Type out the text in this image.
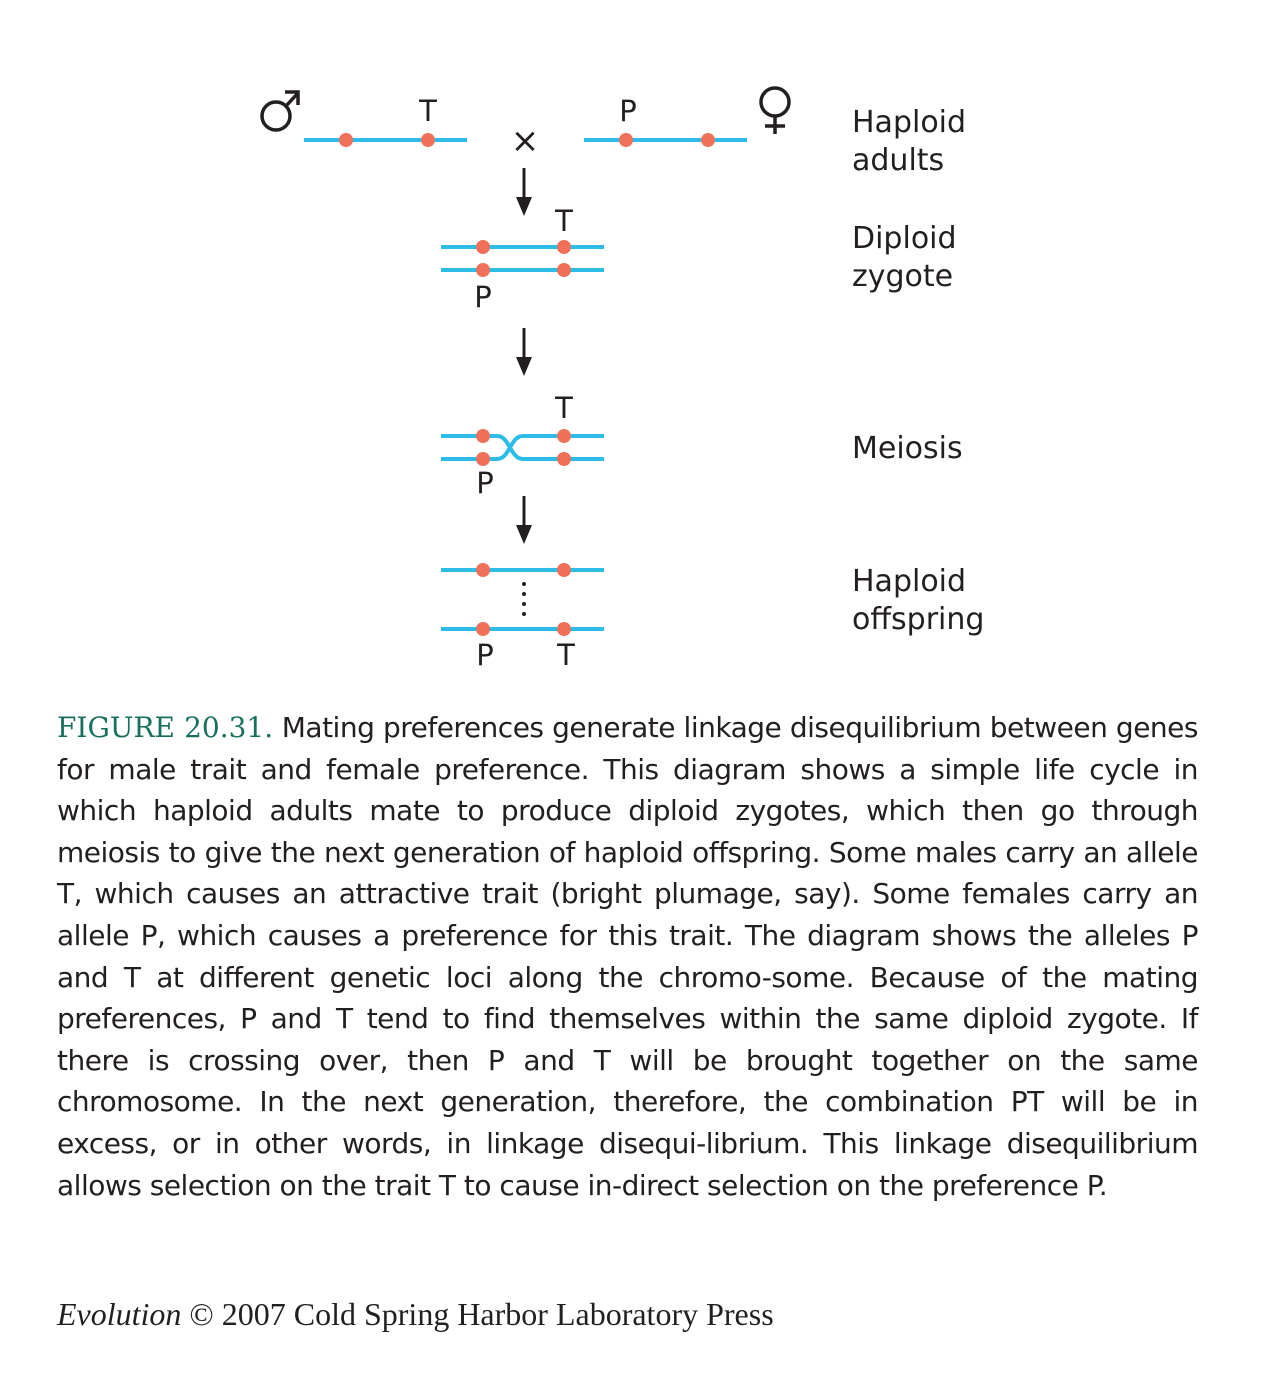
T
×
P
T
P
T
P
P T
Haploid adults
Diploid zygote
Meiosis
Haploid offspring

FIGURE 20.31. Mating preferences generate linkage disequilibrium between genes for male trait and female preference. This diagram shows a simple life cycle in which haploid adults mate to produce diploid zygotes, which then go through meiosis to give the next generation of haploid offspring. Some males carry an allele T, which causes an attractive trait (bright plumage, say). Some females carry an allele P, which causes a preference for this trait. The diagram shows the alleles P and T at different genetic loci along the chromo-some. Because of the mating preferences, P and T tend to find themselves within the same diploid zygote. If there is crossing over, then P and T will be brought together on the same chromosome. In the next generation, therefore, the combination PT will be in excess, or in other words, in linkage disequi-librium. This linkage disequilibrium allows selection on the trait T to cause in-direct selection on the preference P.

Evolution © 2007 Cold Spring Harbor Laboratory Press
